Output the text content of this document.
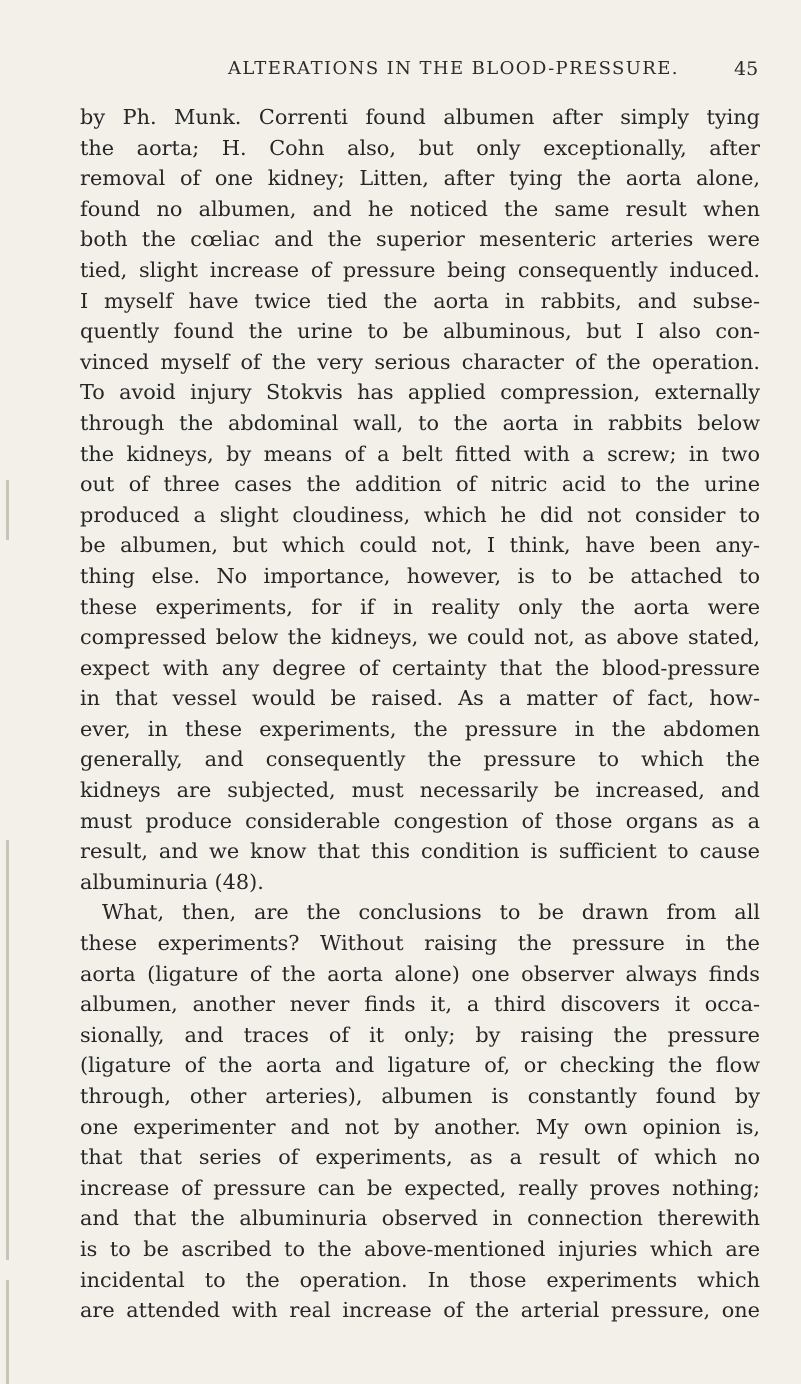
ALTERATIONS IN THE BLOOD-PRESSURE.	45
by Ph. Munk. Correnti found albumen after simply tying
the aorta; H. Cohn also, but only exceptionally, after
removal of one kidney; Litten, after tying the aorta alone,
found no albumen, and he noticed the same result when
both the cœliac and the superior mesenteric arteries were
tied, slight increase of pressure being consequently induced.
I myself have twice tied the aorta in rabbits, and subse-
quently found the urine to be albuminous, but I also con-
vinced myself of the very serious character of the operation.
To avoid injury Stokvis has applied compression, externally
through the abdominal wall, to the aorta in rabbits below
the kidneys, by means of a belt fitted with a screw; in two
out of three cases the addition of nitric acid to the urine
produced a slight cloudiness, which he did not consider to
be albumen, but which could not, I think, have been any-
thing else. No importance, however, is to be attached to
these experiments, for if in reality only the aorta were
compressed below the kidneys, we could not, as above stated,
expect with any degree of certainty that the blood-pressure
in that vessel would be raised. As a matter of fact, how-
ever, in these experiments, the pressure in the abdomen
generally, and consequently the pressure to which the
kidneys are subjected, must necessarily be increased, and
must produce considerable congestion of those organs as a
result, and we know that this condition is sufficient to cause
albuminuria (48).
What, then, are the conclusions to be drawn from all
these experiments? Without raising the pressure in the
aorta (ligature of the aorta alone) one observer always finds
albumen, another never finds it, a third discovers it occa-
sionally, and traces of it only; by raising the pressure
(ligature of the aorta and ligature of, or checking the flow
through, other arteries), albumen is constantly found by
one experimenter and not by another. My own opinion is,
that that series of experiments, as a result of which no
increase of pressure can be expected, really proves nothing;
and that the albuminuria observed in connection therewith
is to be ascribed to the above-mentioned injuries which are
incidental to the operation. In those experiments which
are attended with real increase of the arterial pressure, one
